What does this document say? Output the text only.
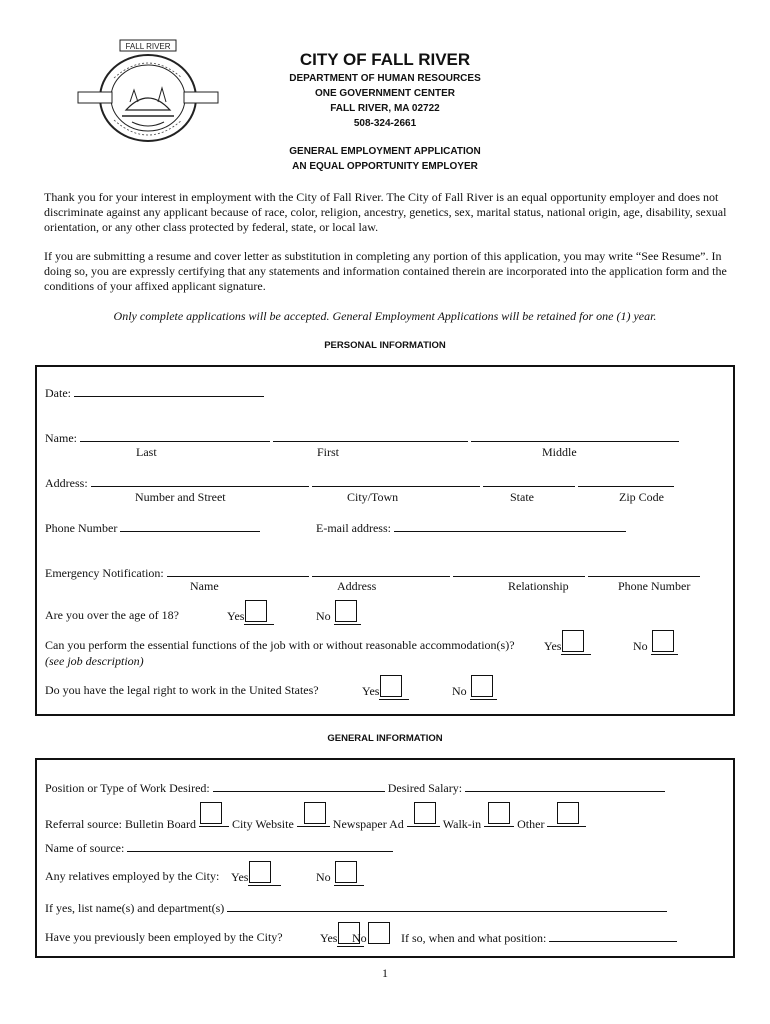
FALL RIVER
CITY OF FALL RIVER
DEPARTMENT OF HUMAN RESOURCES
ONE GOVERNMENT CENTER
FALL RIVER, MA 02722
508-324-2661
GENERAL EMPLOYMENT APPLICATION
AN EQUAL OPPORTUNITY EMPLOYER
Thank you for your interest in employment with the City of Fall River. The City of Fall River is an equal opportunity employer and does not discriminate against any applicant because of race, color, religion, ancestry, genetics, sex, marital status, national origin, age, disability, sexual orientation, or any other class protected by federal, state, or local law.
If you are submitting a resume and cover letter as substitution in completing any portion of this application, you may write “See Resume”. In doing so, you are expressly certifying that any statements and information contained therein are incorporated into the application form and the conditions of your affixed applicant signature.
Only complete applications will be accepted. General Employment Applications will be retained for one (1) year.
PERSONAL INFORMATION
Date:
Name:
Last	First	Middle
Address:
Number and Street	City/Town	State	Zip Code
Phone Number	E-mail address:
Emergency Notification:
Name	Address	Relationship	Phone Number
Are you over the age of 18?	Yes	No
Can you perform the essential functions of the job with or without reasonable accommodation(s)? Yes	No
(see job description)
Do you have the legal right to work in the United States?	Yes	No
GENERAL INFORMATION
Position or Type of Work Desired:	Desired Salary:
Referral source: Bulletin Board	City Website	Newspaper Ad	Walk-in	Other
Name of source:
Any relatives employed by the City: Yes	No
If yes, list name(s) and department(s)
Have you previously been employed by the City?	Yes	No	If so, when and what position:
1
